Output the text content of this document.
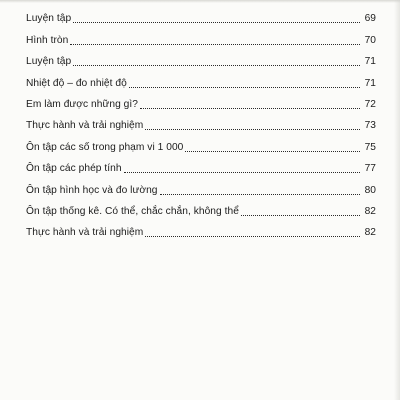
Luyện tập	69
Hình tròn	70
Luyện tập	71
Nhiệt độ – đo nhiệt độ	71
Em làm được những gì?	72
Thực hành và trải nghiệm	73
Ôn tập các số trong phạm vi 1 000	75
Ôn tập các phép tính	77
Ôn tập hình học và đo lường	80
Ôn tập thống kê. Có thể, chắc chắn, không thể	82
Thực hành và trải nghiệm	82
